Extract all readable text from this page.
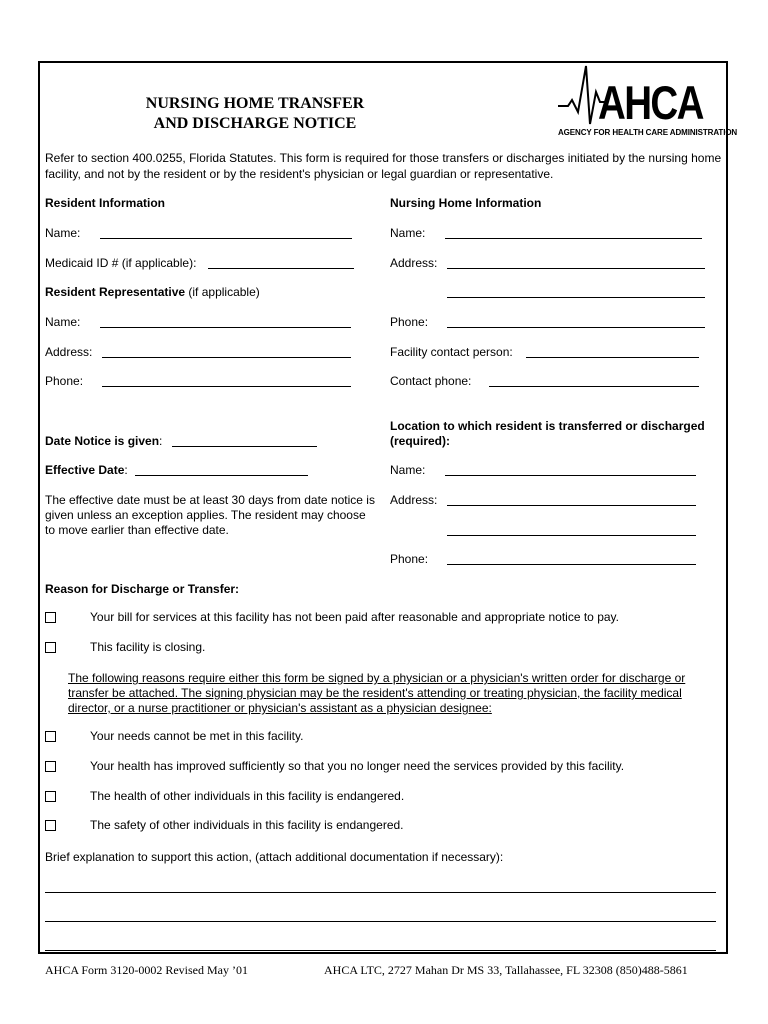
NURSING HOME TRANSFER
AND DISCHARGE NOTICE	AHCA
AGENCY FOR HEALTH CARE ADMINISTRATION
Refer to section 400.0255, Florida Statutes. This form is required for those transfers or discharges initiated by the nursing home facility, and not by the resident or by the resident's physician or legal guardian or representative.
Resident Information
Name:
Medicaid ID # (if applicable):
Resident Representative (if applicable)
Name:
Address:
Phone:
Nursing Home Information
Name:
Address:
Phone:
Facility contact person:
Contact phone:
Date Notice is given:
Effective Date:
The effective date must be at least 30 days from date notice is given unless an exception applies. The resident may choose to move earlier than effective date.
Location to which resident is transferred or discharged (required):
Name:
Address:
Phone:
Reason for Discharge or Transfer:
Your bill for services at this facility has not been paid after reasonable and appropriate notice to pay.
This facility is closing.
The following reasons require either this form be signed by a physician or a physician's written order for discharge or transfer be attached. The signing physician may be the resident's attending or treating physician, the facility medical director, or a nurse practitioner or physician's assistant as a physician designee:
Your needs cannot be met in this facility.
Your health has improved sufficiently so that you no longer need the services provided by this facility.
The health of other individuals in this facility is endangered.
The safety of other individuals in this facility is endangered.
Brief explanation to support this action, (attach additional documentation if necessary):
AHCA Form 3120-0002 Revised May ’01	AHCA LTC, 2727 Mahan Dr MS 33, Tallahassee, FL 32308 (850)488-5861
